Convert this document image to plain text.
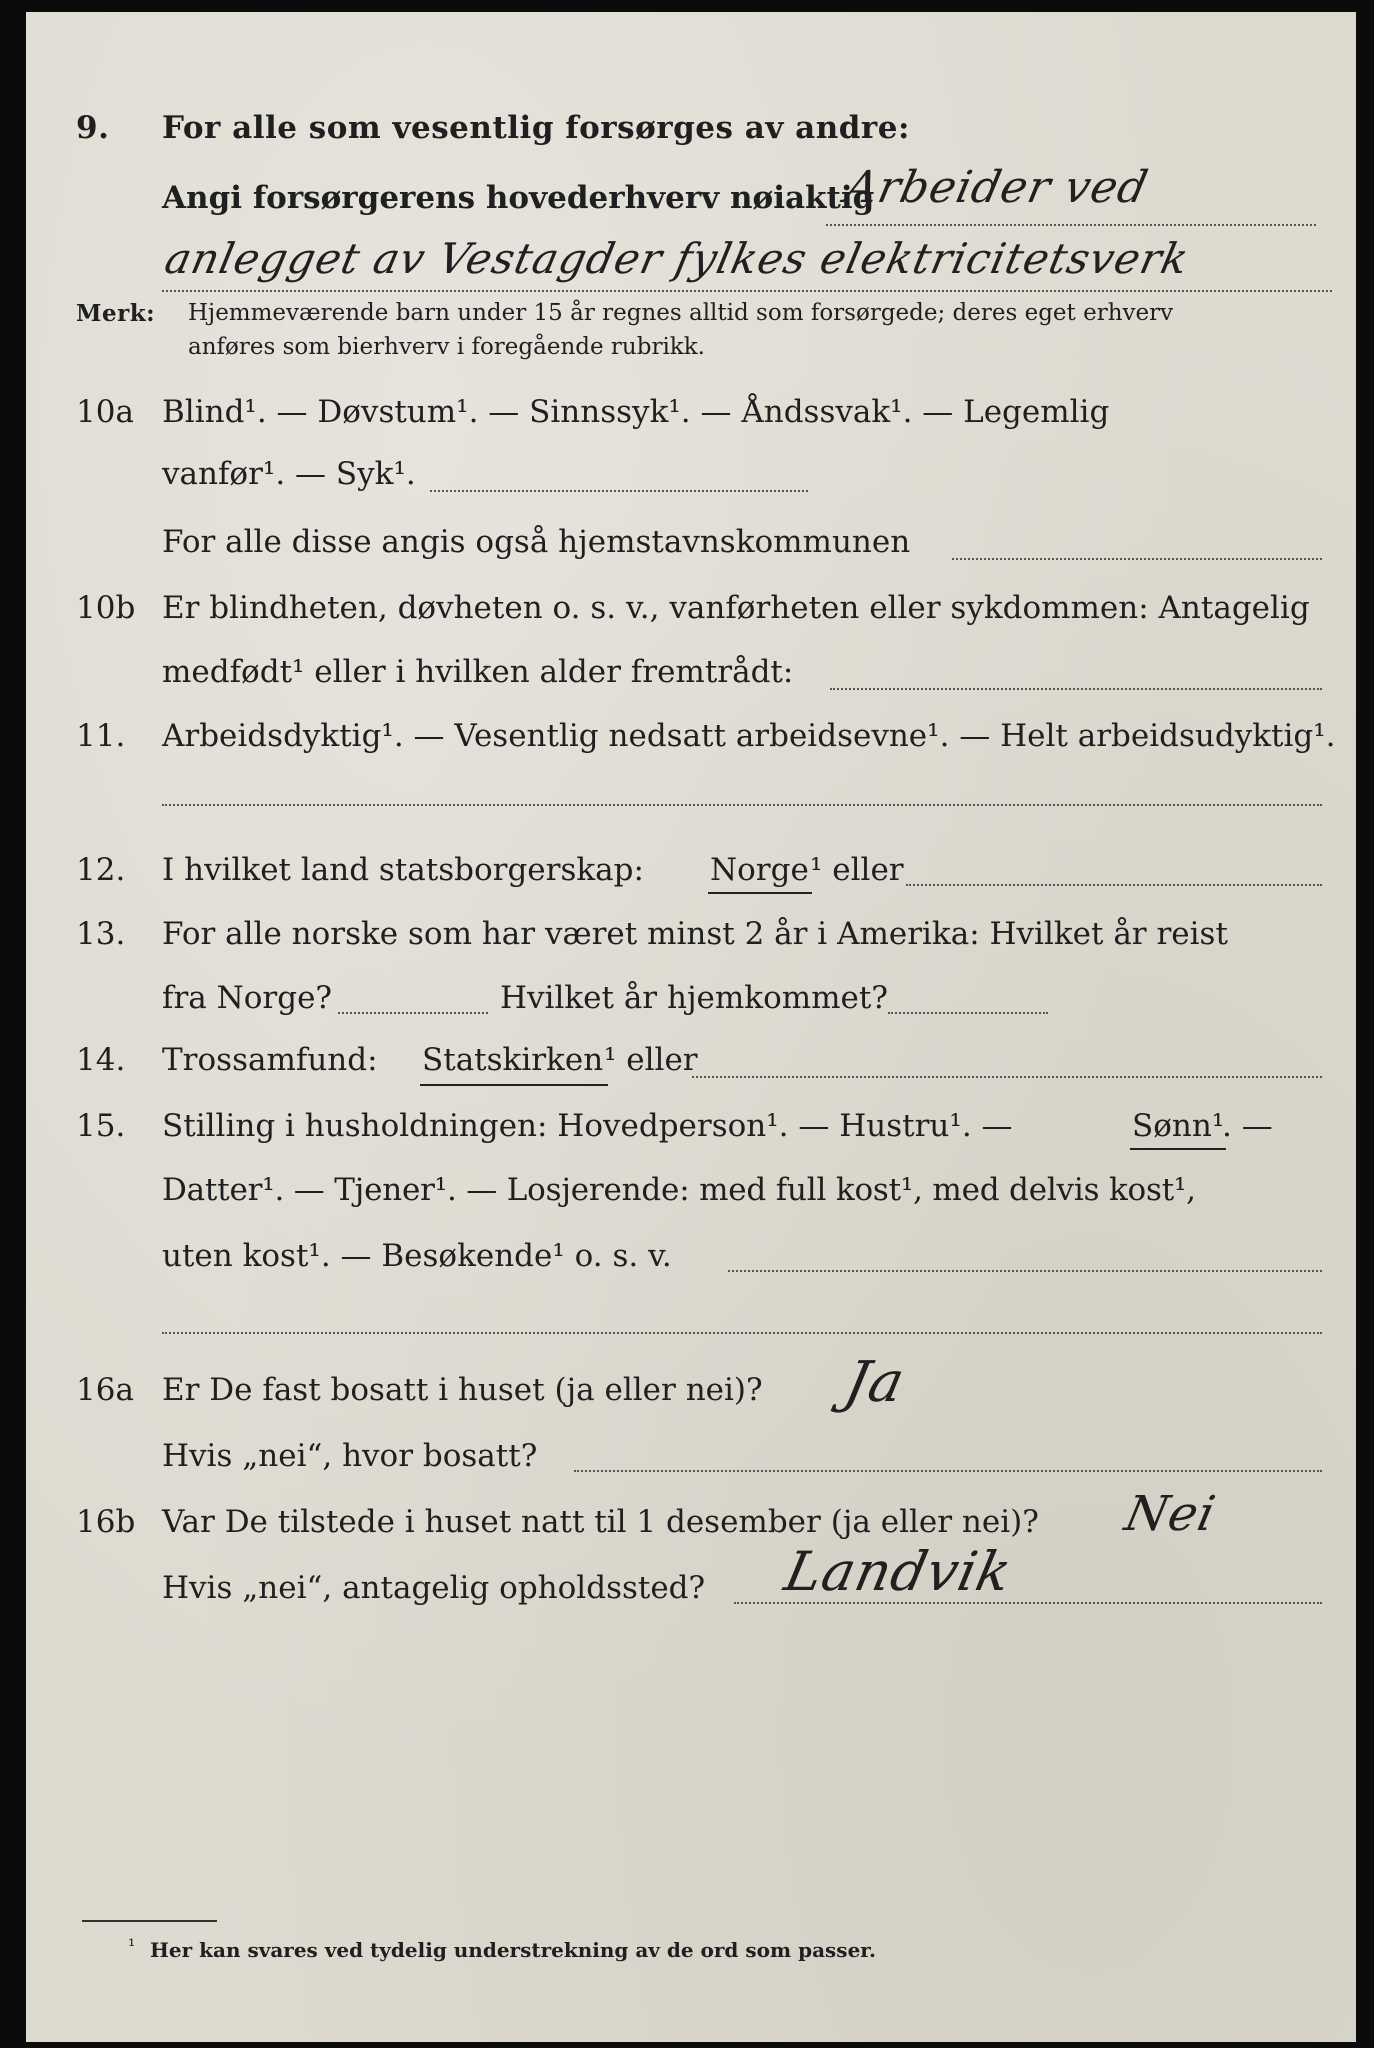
9. For alle som vesentlig forsørges av andre:
Angi forsørgerens hovederhverv nøiaktig
Arbeider ved
anlegget av Vestagder fylkes elektricitetsverk
Merk: Hjemmeværende barn under 15 år regnes alltid som forsørgede; deres eget erhverv
anføres som bierhverv i foregående rubrikk.
10a Blind¹. — Døvstum¹. — Sinnssyk¹. — Åndssvak¹. — Legemlig
vanfør¹. — Syk¹.
For alle disse angis også hjemstavnskommunen
10b Er blindheten, døvheten o. s. v., vanførheten eller sykdommen: Antagelig
medfødt¹ eller i hvilken alder fremtrådt:
11. Arbeidsdyktig¹. — Vesentlig nedsatt arbeidsevne¹. — Helt arbeidsudyktig¹.
12. I hvilket land statsborgerskap: Norge ¹ eller
13. For alle norske som har været minst 2 år i Amerika: Hvilket år reist
fra Norge?	Hvilket år hjemkommet?
14. Trossamfund: Statskirken ¹ eller
15. Stilling i husholdningen: Hovedperson¹. — Hustru¹. —	Sønn¹
. —
Datter¹. — Tjener¹. — Losjerende: med full kost¹, med delvis kost¹,
uten kost¹. — Besøkende¹ o. s. v.
16a Er De fast bosatt i huset (ja eller nei)? Ja
Hvis „nei“, hvor bosatt?
16b Var De tilstede i huset natt til 1 desember (ja eller nei)? Nei
Hvis „nei“, antagelig opholdssted? Landvik
¹ Her kan svares ved tydelig understrekning av de ord som passer.
